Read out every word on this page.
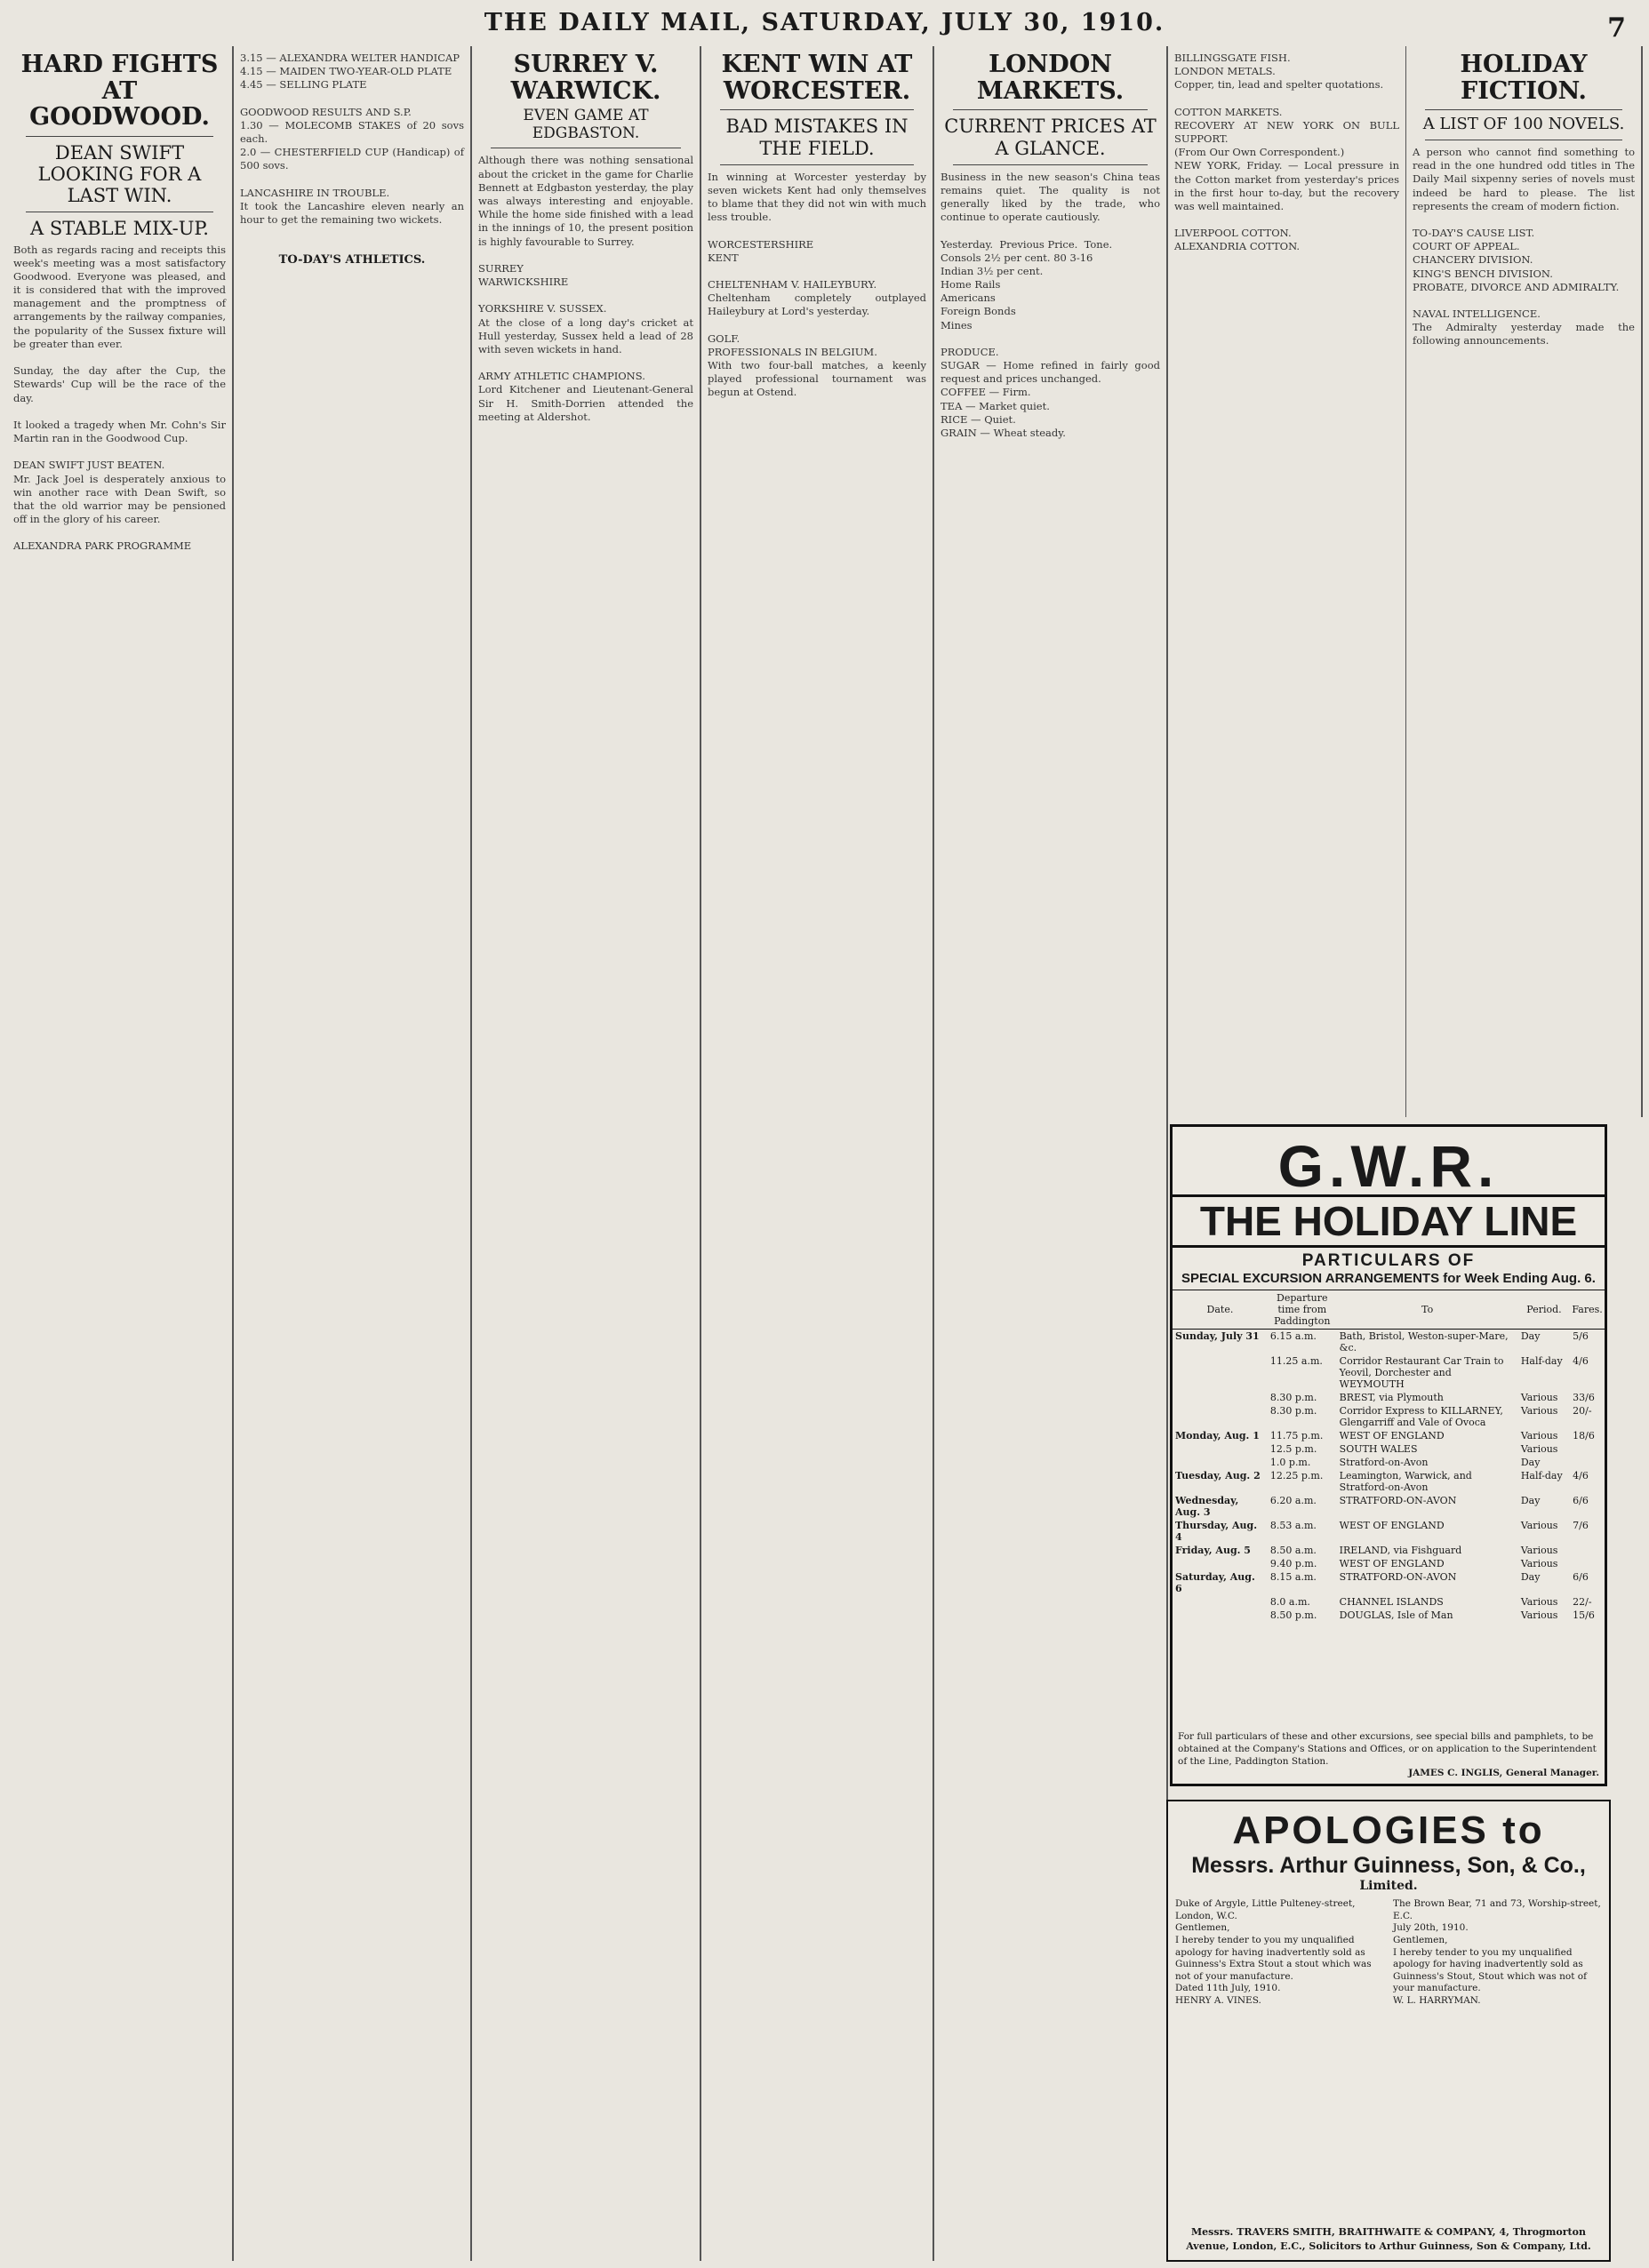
THE DAILY MAIL, SATURDAY, JULY 30, 1910.	7
HARD FIGHTS AT GOODWOOD.
DEAN SWIFT LOOKING FOR A LAST WIN.
A STABLE MIX-UP.

Both as regards racing and receipts this week's meeting was a most satisfactory Goodwood. Everyone was pleased, and it is considered that with the improved management and the promptness of arrangements by the railway companies, the popularity of the Sussex fixture will be greater than ever.

Sunday, the day after the Cup, the Stewards' Cup will be the race of the day.

It looked a tragedy when Mr. Cohn's Sir Martin ran in the Goodwood Cup.

DEAN SWIFT JUST BEATEN.
Mr. Jack Joel is desperately anxious to win another race with Dean Swift, so that the old warrior may be pensioned off in the glory of his career.

ALEXANDRA PARK PROGRAMME

3.15 — ALEXANDRA WELTER HANDICAP
4.15 — MAIDEN TWO-YEAR-OLD PLATE
4.45 — SELLING PLATE

GOODWOOD RESULTS AND S.P.
1.30 — MOLECOMB STAKES of 20 sovs each.
2.0 — CHESTERFIELD CUP (Handicap) of 500 sovs.

LANCASHIRE IN TROUBLE.
It took the Lancashire eleven nearly an hour to get the remaining two wickets.

TO-DAY'S ATHLETICS.
SURREY V. WARWICK.
EVEN GAME AT EDGBASTON.

Although there was nothing sensational about the cricket in the game for Charlie Bennett at Edgbaston yesterday, the play was always interesting and enjoyable. While the home side finished with a lead in the innings of 10, the present position is highly favourable to Surrey.

SURREY
WARWICKSHIRE

YORKSHIRE V. SUSSEX.
At the close of a long day's cricket at Hull yesterday, Sussex held a lead of 28 with seven wickets in hand.

ARMY ATHLETIC CHAMPIONS.
Lord Kitchener and Lieutenant-General Sir H. Smith-Dorrien attended the meeting at Aldershot.

KENT WIN AT WORCESTER.
BAD MISTAKES IN THE FIELD.

In winning at Worcester yesterday by seven wickets Kent had only themselves to blame that they did not win with much less trouble.

WORCESTERSHIRE
KENT

CHELTENHAM V. HAILEYBURY.
Cheltenham completely outplayed Haileybury at Lord's yesterday.

GOLF.
PROFESSIONALS IN BELGIUM.
With two four-ball matches, a keenly played professional tournament was begun at Ostend.

LONDON MARKETS.
CURRENT PRICES AT A GLANCE.

Business in the new season's China teas remains quiet. The quality is not generally liked by the trade, who continue to operate cautiously.

Yesterday.  Previous Price.  Tone.
Consols 2½ per cent. 80 3-16
Indian 3½ per cent.
Home Rails
Americans
Foreign Bonds
Mines

PRODUCE.
SUGAR — Home refined in fairly good request and prices unchanged.
COFFEE — Firm.
TEA — Market quiet.
RICE — Quiet.
GRAIN — Wheat steady.

BILLINGSGATE FISH.
LONDON METALS.
Copper, tin, lead and spelter quotations.

COTTON MARKETS.
RECOVERY AT NEW YORK ON BULL SUPPORT.
(From Our Own Correspondent.)
NEW YORK, Friday. — Local pressure in the Cotton market from yesterday's prices in the first hour to-day, but the recovery was well maintained.

LIVERPOOL COTTON.
ALEXANDRIA COTTON.

HOLIDAY FICTION.
A LIST OF 100 NOVELS.

A person who cannot find something to read in the one hundred odd titles in The Daily Mail sixpenny series of novels must indeed be hard to please. The list represents the cream of modern fiction.

TO-DAY'S CAUSE LIST.
COURT OF APPEAL.
CHANCERY DIVISION.
KING'S BENCH DIVISION.
PROBATE, DIVORCE AND ADMIRALTY.

NAVAL INTELLIGENCE.
The Admiralty yesterday made the following announcements.

G.W.R.
THE HOLIDAY LINE
PARTICULARS OF
SPECIAL EXCURSION ARRANGEMENTS for Week Ending Aug. 6.
Date.	Departure time from Paddington	To	Period.	Fares.
Sunday, July 31	6.15 a.m.	Bath, Bristol, Weston-super-Mare, &c.	Day	5/6
	11.25 a.m.	Corridor Restaurant Car Train to Yeovil, Dorchester and WEYMOUTH	Half-day	4/6
	8.30 p.m.	BREST, via Plymouth	Various	33/6
	8.30 p.m.	Corridor Express to KILLARNEY, Glengarriff and Vale of Ovoca	Various	20/-
Monday, Aug. 1	11.75 p.m.	WEST OF ENGLAND	Various	18/6
	12.5 p.m.	SOUTH WALES	Various	
	1.0 p.m.	Stratford-on-Avon	Day	
Tuesday, Aug. 2	12.25 p.m.	Leamington, Warwick, and Stratford-on-Avon	Half-day	4/6
Wednesday, Aug. 3	6.20 a.m.	STRATFORD-ON-AVON	Day	6/6
Thursday, Aug. 4	8.53 a.m.	WEST OF ENGLAND	Various	7/6
Friday, Aug. 5	8.50 a.m.	IRELAND, via Fishguard	Various	
	9.40 p.m.	WEST OF ENGLAND	Various	
Saturday, Aug. 6	8.15 a.m.	STRATFORD-ON-AVON	Day	6/6
	8.0 a.m.	CHANNEL ISLANDS	Various	22/-
	8.50 p.m.	DOUGLAS, Isle of Man	Various	15/6
For full particulars of these and other excursions, see special bills and pamphlets, to be obtained at the Company's Stations and Offices, or on application to the Superintendent of the Line, Paddington Station.
JAMES C. INGLIS, General Manager.
APOLOGIES to
Messrs. Arthur Guinness, Son, & Co.,
Limited.
Duke of Argyle, Little Pulteney-street, London, W.C.
Gentlemen,
I hereby tender to you my unqualified apology for having inadvertently sold as Guinness's Extra Stout a stout which was not of your manufacture.
Dated 11th July, 1910.
HENRY A. VINES.
The Brown Bear, 71 and 73, Worship-street, E.C.
July 20th, 1910.
Gentlemen,
I hereby tender to you my unqualified apology for having inadvertently sold as Guinness's Stout, Stout which was not of your manufacture.
W. L. HARRYMAN.
Messrs. TRAVERS SMITH, BRAITHWAITE & COMPANY, 4, Throgmorton Avenue, London, E.C., Solicitors to Arthur Guinness, Son & Company, Ltd.
